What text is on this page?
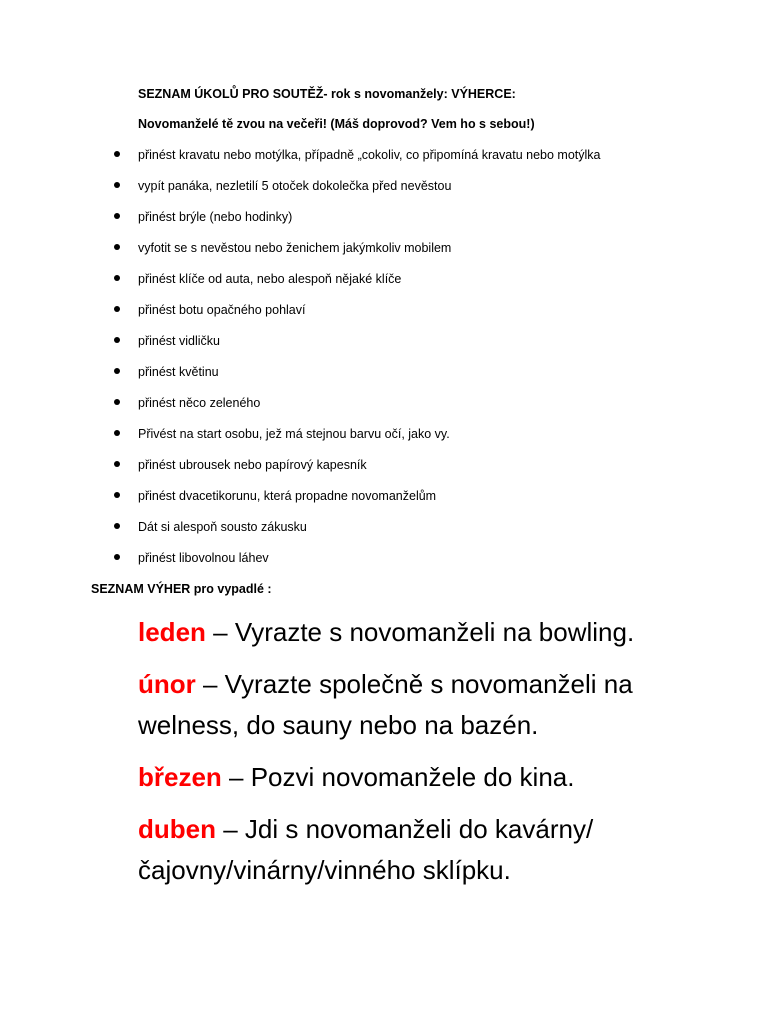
SEZNAM ÚKOLŮ PRO SOUTĚŽ- rok s novomanžely: VÝHERCE:
Novomanželé tě zvou na večeři! (Máš doprovod? Vem ho s sebou!)
přinést kravatu nebo motýlka, případně „cokoliv, co připomíná kravatu nebo motýlka
vypít panáka, nezletilí 5 otoček dokolečka před nevěstou
přinést brýle (nebo hodinky)
vyfotit se s nevěstou nebo ženichem jakýmkoliv mobilem
přinést klíče od auta, nebo alespoň nějaké klíče
přinést botu opačného pohlaví
přinést vidličku
přinést květinu
přinést něco zeleného
Přivést na start osobu, jež má stejnou barvu očí, jako vy.
přinést ubrousek nebo papírový kapesník
přinést dvacetikorunu, která propadne novomanželům
Dát si alespoň sousto zákusku
přinést libovolnou láhev
SEZNAM VÝHER pro vypadlé :

leden – Vyrazte s novomanželi na bowling.

únor – Vyrazte společně s novomanželi na welness, do sauny nebo na bazén.

březen – Pozvi novomanžele do kina.

duben – Jdi s novomanželi do kavárny/čajovny/vinárny/vinného sklípku.
